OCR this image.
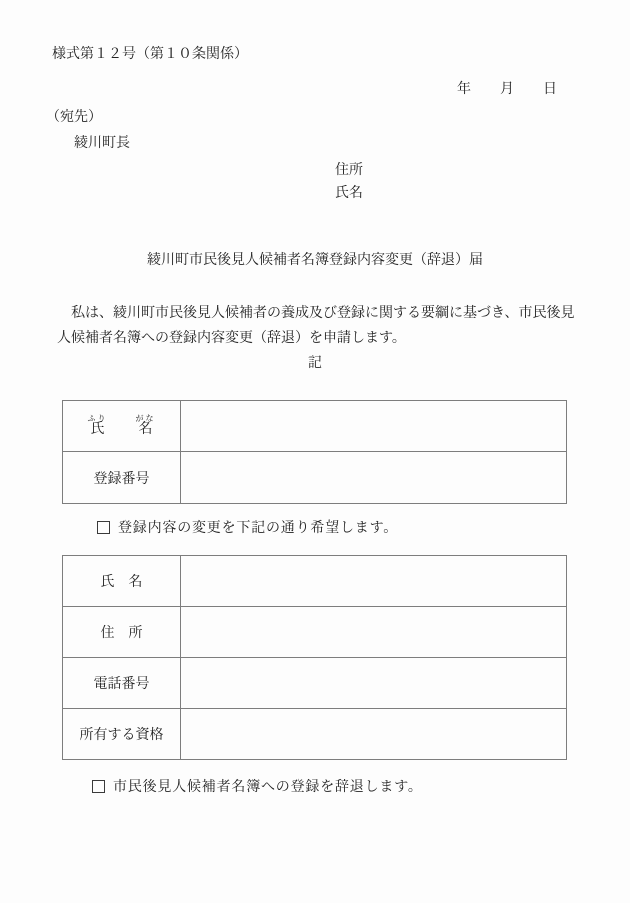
様式第１２号（第１０条関係）
年 月 日
（宛先）
綾川町長
住所
氏名
綾川町市民後見人候補者名簿登録内容変更（辞退）届
　私は、綾川町市民後見人候補者の養成及び登録に関する要綱に基づき、市民後見
人候補者名簿への登録内容変更（辞退）を申請します。
記
氏ふり
名がな
登録番号
登録内容の変更を下記の通り希望します。
氏　名
住　所
電話番号
所有する資格
市民後見人候補者名簿への登録を辞退します。
